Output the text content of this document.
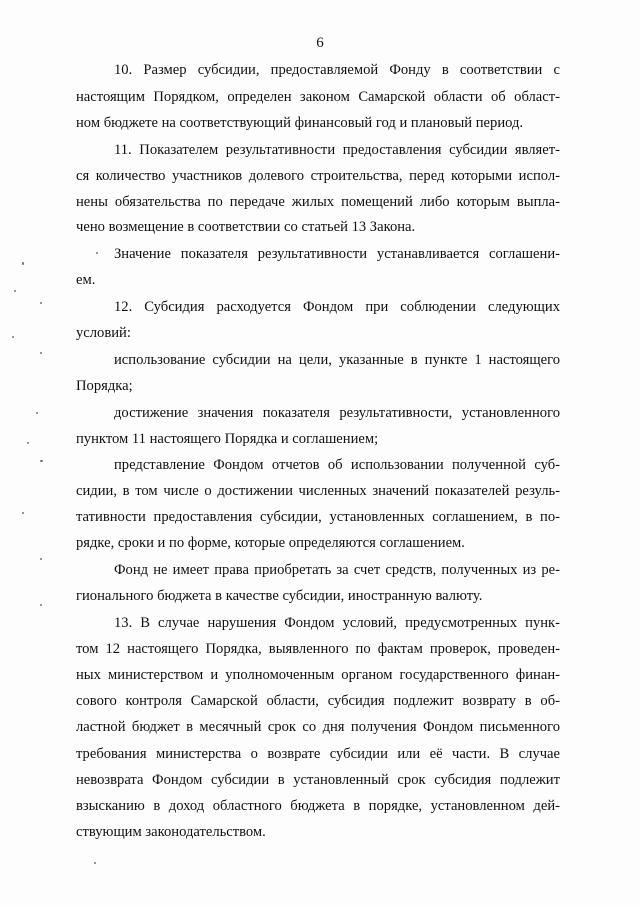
6
10. Размер субсидии, предоставляемой Фонду в соответствии с
настоящим Порядком, определен законом Самарской области об област-
ном бюджете на соответствующий финансовый год и плановый период.
11. Показателем результативности предоставления субсидии являет-
ся количество участников долевого строительства, перед которыми испол-
нены обязательства по передаче жилых помещений либо которым выпла-
чено возмещение в соответствии со статьей 13 Закона.
Значение показателя результативности устанавливается соглашени-
ем.
12. Субсидия расходуется Фондом при соблюдении следующих
условий:
использование субсидии на цели, указанные в пункте 1 настоящего
Порядка;
достижение значения показателя результативности, установленного
пунктом 11 настоящего Порядка и соглашением;
представление Фондом отчетов об использовании полученной суб-
сидии, в том числе о достижении численных значений показателей резуль-
тативности предоставления субсидии, установленных соглашением, в по-
рядке, сроки и по форме, которые определяются соглашением.
Фонд не имеет права приобретать за счет средств, полученных из ре-
гионального бюджета в качестве субсидии, иностранную валюту.
13. В случае нарушения Фондом условий, предусмотренных пунк-
том 12 настоящего Порядка, выявленного по фактам проверок, проведен-
ных министерством и уполномоченным органом государственного финан-
сового контроля Самарской области, субсидия подлежит возврату в об-
ластной бюджет в месячный срок со дня получения Фондом письменного
требования министерства о возврате субсидии или её части. В случае
невозврата Фондом субсидии в установленный срок субсидия подлежит
взысканию в доход областного бюджета в порядке, установленном дей-
ствующим законодательством.
